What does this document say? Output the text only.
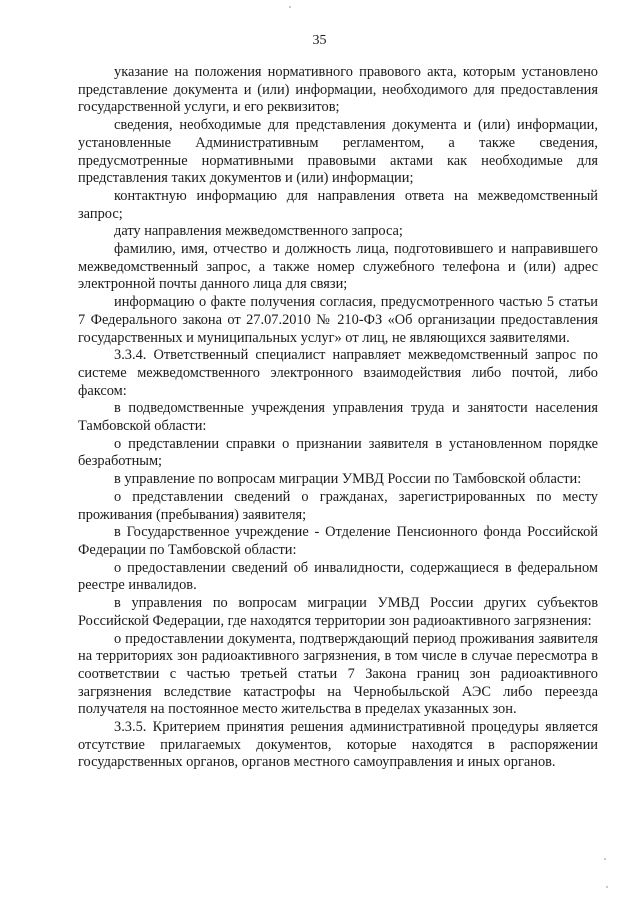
35

указание на положения нормативного правового акта, которым установлено представление документа и (или) информации, необходимого для предоставления государственной услуги, и его реквизитов;

сведения, необходимые для представления документа и (или) информации, установленные Административным регламентом, а также сведения, предусмотренные нормативными правовыми актами как необходимые для представления таких документов и (или) информации;

контактную информацию для направления ответа на межведомственный запрос;

дату направления межведомственного запроса;

фамилию, имя, отчество и должность лица, подготовившего и направившего межведомственный запрос, а также номер служебного телефона и (или) адрес электронной почты данного лица для связи;

информацию о факте получения согласия, предусмотренного частью 5 статьи 7 Федерального закона от 27.07.2010 № 210-ФЗ «Об организации предоставления государственных и муниципальных услуг» от лиц, не являющихся заявителями.

3.3.4. Ответственный специалист направляет межведомственный запрос по системе межведомственного электронного взаимодействия либо почтой, либо факсом:

в подведомственные учреждения управления труда и занятости населения Тамбовской области:

о представлении справки о признании заявителя в установленном порядке безработным;

в управление по вопросам миграции УМВД России по Тамбовской области:

о представлении сведений о гражданах, зарегистрированных по месту проживания (пребывания) заявителя;

в Государственное учреждение - Отделение Пенсионного фонда Российской Федерации по Тамбовской области:

о предоставлении сведений об инвалидности, содержащиеся в федеральном реестре инвалидов.

в управления по вопросам миграции УМВД России других субъектов Российской Федерации, где находятся территории зон радиоактивного загрязнения:

о предоставлении документа, подтверждающий период проживания заявителя на территориях зон радиоактивного загрязнения, в том числе в случае пересмотра в соответствии с частью третьей статьи 7 Закона границ зон радиоактивного загрязнения вследствие катастрофы на Чернобыльской АЭС либо переезда получателя на постоянное место жительства в пределах указанных зон.

3.3.5. Критерием принятия решения административной процедуры является отсутствие прилагаемых документов, которые находятся в распоряжении государственных органов, органов местного самоуправления и иных органов.
